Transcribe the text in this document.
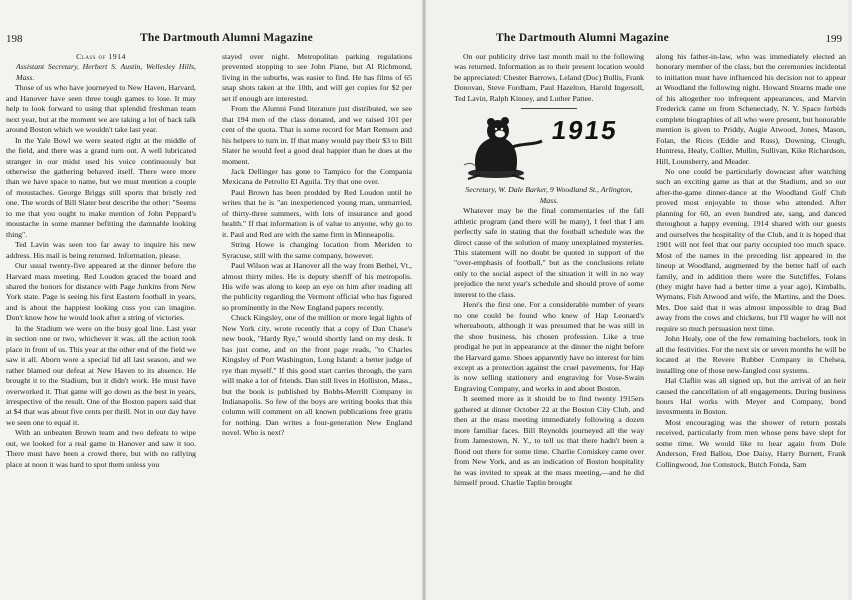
198	The Dartmouth Alumni Magazine

Class of 1914

Assistant Secretary, Herbert S. Austin, Wellesley Hills, Mass.

Those of us who have journeyed to New Haven, Harvard, and Hanover have seen three tough games to lose. It may help to look forward to using that splendid freshman team next year, but at the moment we are taking a lot of back talk around Boston which we wouldn't take last year.

In the Yale Bowl we were seated right at the middle of the field, and there was a grand turn out. A well lubricated stranger in our midst used his voice continuously but otherwise the gathering behaved itself. There were more than we have space to name, but we must mention a couple of moustaches. George Briggs still sports that bristly red one. The words of Bill Slater best describe the other: "Seems to me that you ought to make mention of John Peppard's moustache in some manner befitting the damnable looking thing".

Ted Lavin was seen too far away to inquire his new address. His mail is being returned. Information, please.

Our usual twenty-five appeared at the dinner before the Harvard mass meeting. Red Loudon graced the board and shared the honors for distance with Page Junkins from New York state. Page is seeing his first Eastern football in years, and is about the happiest looking cuss you can imagine. Don't know how he would look after a string of victories.

In the Stadium we were on the busy goal line. Last year in section one or two, whichever it was, all the action took place in front of us. This year at the other end of the field we saw it all. Aborn wore a special lid all last season, and we rather blamed our defeat at New Haven to its absence. He brought it to the Stadium, but it didn't work. He must have overworked it. That game will go down as the best in years, irrespective of the result. One of the Boston papers said that at $4 that was about five cents per thrill. Not in our day have we seen one to equal it.

With an unbeaten Brown team and two defeats to wipe out, we looked for a real game in Hanover and saw it too. There must have been a crowd there, but with no rallying place at noon it was hard to spot them unless you

stayed over night. Metropolitan parking regulations prevented stopping to see John Piane, but Al Richmond, living in the suburbs, was easier to find. He has films of 65 snap shots taken at the 10th, and will get copies for $2 per set if enough are interested.

From the Alumni Fund literature just distributed, we see that 194 men of the class donated, and we raised 101 per cent of the quota. That is some record for Mart Remsen and his helpers to turn in. If that many would pay their $3 to Bill Slater he would feel a good deal happier than he does at the moment.

Jack Dellinger has gone to Tampico for the Compania Mexicana de Petrolio El Aguila. Try that one over.

Paul Brown has been prodded by Red Loudon until he writes that he is "an inexperienced young man, unmarried, of thirty-three summers, with lots of insurance and good health." If that information is of value to anyone, why go to it. Paul and Red are with the same firm in Minneapolis.

String Howe is changing location from Meriden to Syracuse, still with the same company, however.

Paul Wilson was at Hanover all the way from Bethel, Vt., almost thirty miles. He is deputy sheriff of his metropolis. His wife was along to keep an eye on him after reading all the publicity regarding the Vermont official who has figured so prominently in the New England papers recently.

Chuck Kingsley, one of the million or more legal lights of New York city, wrote recently that a copy of Dan Chase's new book, "Hardy Rye," would shortly land on my desk. It has just come, and on the front page reads, "to Charles Kingsley of Port Washington, Long Island: a better judge of rye than myself." If this good start carries through, the yarn will make a lot of friends. Dan still lives in Holliston, Mass., but the book is published by Bobbs-Merrill Company in Indianapolis. So few of the boys are writing books that this column will comment on all known publications free gratis for nothing. Dan writes a four-generation New England novel. Who is next?

199
The Dartmouth Alumni Magazine

On our publicity drive last month mail to the following was returned. Information as to their present location would be appreciated: Chester Barrows, Leland (Doc) Bullis, Frank Donovan, Steve Fordham, Paul Hazelton, Harold Ingersoll, Ted Lavin, Ralph Kinney, and Luther Pattee.

1915

Secretary, W. Dale Barker, 9 Woodland St., Arlington, Mass.

Whatever may be the final commentaries of the fall athletic program (and there will be many), I feel that I am perfectly safe in stating that the football schedule was the direct cause of the solution of many unexplained mysteries. This statement will no doubt be quoted in support of the "over-emphasis of football," but as the conclusions relate only to the social aspect of the situation it will in no way prejudice the next year's schedule and should prove of some interest to the class.

Here's the first one. For a considerable number of years no one could be found who knew of Hap Leonard's whereabouts, although it was presumed that he was still in the shoe business, his chosen profession. Like a true prodigal he put in appearance at the dinner the night before the Harvard game. Shoes apparently have no interest for him except as a protection against the cruel pavements, for Hap is now selling stationery and engraving for Vose-Swain Engraving Company, and works in and about Boston.

It seemed more as it should be to find twenty 1915ers gathered at dinner October 22 at the Boston City Club, and then at the mass meeting immediately following a dozen more familiar faces. Bill Reynolds journeyed all the way from Jamestown, N. Y., to tell us that there hadn't been a flood out there for some time. Charlie Comiskey came over from New York, and as an indication of Boston hospitality he was invited to speak at the mass meeting,—and he did himself proud. Charlie Taplin brought

along his father-in-law, who was immediately elected an honorary member of the class, but the ceremonies incidental to initiation must have influenced his decision not to appear at Woodland the following night. Howard Stearns made one of his altogether too infrequent appearances, and Marvin Frederick came on from Schenectady, N. Y. Space forbids complete biographies of all who were present, but honorable mention is given to Priddy, Augie Atwood, Jones, Mason, Folan, the Rices (Eddie and Russ), Downing, Clough, Huntress, Healy, Collier, Mullin, Sullivan, Kike Richardson, Hill, Lounsberry, and Meader.

No one could be particularly downcast after watching such an exciting game as that at the Stadium, and so our after-the-game dinner-dance at the Woodland Golf Club proved most enjoyable to those who attended. After planning for 60, an even hundred ate, sang, and danced throughout a happy evening. 1914 shared with our guests and ourselves the hospitality of the Club, and it is hoped that 1901 will not feel that our party occupied too much space. Most of the names in the preceding list appeared in the lineup at Woodland, augmented by the better half of each family, and in addition there were the Sutcliffes, Folans (they might have had a better time a year ago), Kimballs, Wymans, Fish Atwood and wife, the Martins, and the Does. Mrs. Doe said that it was almost impossible to drag Bud away from the cows and chickens, but I'll wager he will not require so much persuasion next time.

John Healy, one of the few remaining bachelors, took in all the festivities. For the next six or seven months he will be located at the Revere Rubber Company in Chelsea, installing one of those new-fangled cost systems.

Hal Claflin was all signed up, but the arrival of an heir caused the cancellation of all engagements. During business hours Hal works with Meyer and Company, bond investments in Boston.

Most encouraging was the shower of return postals received, particularly from men whose pens have slept for some time. We would like to hear again from Dole Anderson, Fred Ballou, Doe Daisy, Harry Burnett, Frank Collingwood, Joe Comstock, Butch Fonda, Sam
